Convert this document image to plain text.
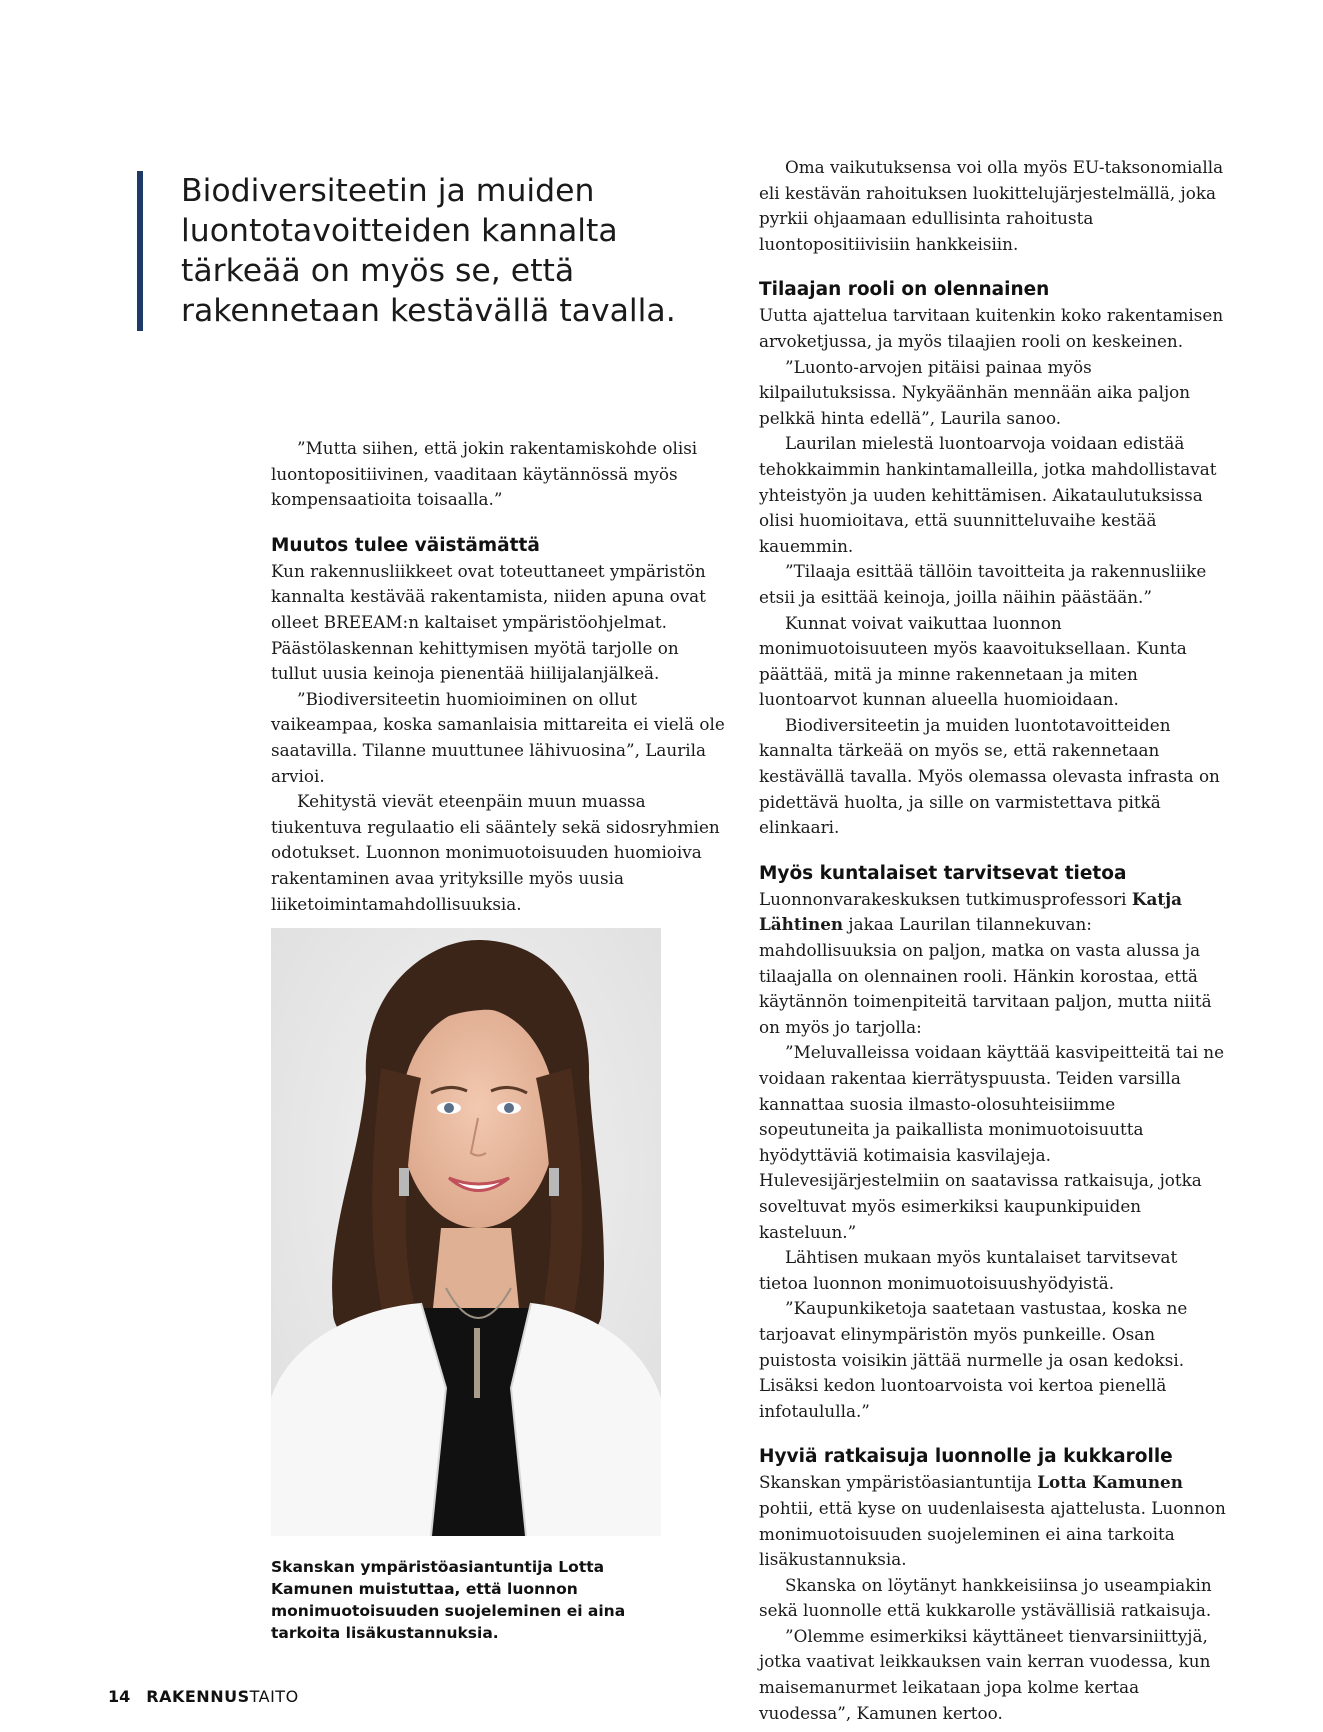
Biodiversiteetin ja muiden luontotavoitteiden kannalta tärkeää on myös se, että rakennetaan kestävällä tavalla.

”Mutta siihen, että jokin rakentamiskohde olisi luontopositiivinen, vaaditaan käytännössä myös kompensaatioita toisaalla.”

Muutos tulee väistämättä

Kun rakennusliikkeet ovat toteuttaneet ympäristön kannalta kestävää rakentamista, niiden apuna ovat olleet BREEAM:n kaltaiset ympäristöohjelmat. Päästölaskennan kehittymisen myötä tarjolle on tullut uusia keinoja pienentää hiilijalanjälkeä.

”Biodiversiteetin huomioiminen on ollut vaikeampaa, koska samanlaisia mittareita ei vielä ole saatavilla. Tilanne muuttunee lähivuosina”, Laurila arvioi.

Kehitystä vievät eteenpäin muun muassa tiukentuva regulaatio eli sääntely sekä sidosryhmien odotukset. Luonnon monimuotoisuuden huomioiva rakentaminen avaa yrityksille myös uusia liiketoimintamahdollisuuksia.

Skanskan ympäristöasiantuntija Lotta Kamunen muistuttaa, että luonnon monimuotoisuuden suojeleminen ei aina tarkoita lisäkustannuksia.

Oma vaikutuksensa voi olla myös EU-taksonomialla eli kestävän rahoituksen luokittelujärjestelmällä, joka pyrkii ohjaamaan edullisinta rahoitusta luontopositiivisiin hankkeisiin.

Tilaajan rooli on olennainen

Uutta ajattelua tarvitaan kuitenkin koko rakentamisen arvoketjussa, ja myös tilaajien rooli on keskeinen.

”Luonto-arvojen pitäisi painaa myös kilpailutuksissa. Nykyäänhän mennään aika paljon pelkkä hinta edellä”, Laurila sanoo.

Laurilan mielestä luontoarvoja voidaan edistää tehokkaimmin hankintamalleilla, jotka mahdollistavat yhteistyön ja uuden kehittämisen. Aikataulutuksissa olisi huomioitava, että suunnitteluvaihe kestää kauemmin.

”Tilaaja esittää tällöin tavoitteita ja rakennusliike etsii ja esittää keinoja, joilla näihin päästään.”

Kunnat voivat vaikuttaa luonnon monimuotoisuuteen myös kaavoituksellaan. Kunta päättää, mitä ja minne rakennetaan ja miten luontoarvot kunnan alueella huomioidaan.

Biodiversiteetin ja muiden luontotavoitteiden kannalta tärkeää on myös se, että rakennetaan kestävällä tavalla. Myös olemassa olevasta infrasta on pidettävä huolta, ja sille on varmistettava pitkä elinkaari.

Myös kuntalaiset tarvitsevat tietoa

Luonnonvarakeskuksen tutkimusprofessori Katja Lähtinen jakaa Laurilan tilannekuvan: mahdollisuuksia on paljon, matka on vasta alussa ja tilaajalla on olennainen rooli. Hänkin korostaa, että käytännön toimenpiteitä tarvitaan paljon, mutta niitä on myös jo tarjolla:

”Meluvalleissa voidaan käyttää kasvipeitteitä tai ne voidaan rakentaa kierrätyspuusta. Teiden varsilla kannattaa suosia ilmasto-olosuhteisiimme sopeutuneita ja paikallista monimuotoisuutta hyödyttäviä kotimaisia kasvilajeja. Hulevesijärjestelmiin on saatavissa ratkaisuja, jotka soveltuvat myös esimerkiksi kaupunkipuiden kasteluun.”

Lähtisen mukaan myös kuntalaiset tarvitsevat tietoa luonnon monimuotoisuushyödyistä.

”Kaupunkiketoja saatetaan vastustaa, koska ne tarjoavat elinympäristön myös punkeille. Osan puistosta voisikin jättää nurmelle ja osan kedoksi. Lisäksi kedon luontoarvoista voi kertoa pienellä infotaululla.”

Hyviä ratkaisuja luonnolle ja kukkarolle

Skanskan ympäristöasiantuntija Lotta Kamunen pohtii, että kyse on uudenlaisesta ajattelusta. Luonnon monimuotoisuuden suojeleminen ei aina tarkoita lisäkustannuksia.

Skanska on löytänyt hankkeisiinsa jo useampiakin sekä luonnolle että kukkarolle ystävällisiä ratkaisuja.

”Olemme esimerkiksi käyttäneet tienvarsiniittyjä, jotka vaativat leikkauksen vain kerran vuodessa, kun maisemanurmet leikataan jopa kolme kertaa vuodessa”, Kamunen kertoo.

14 RAKENNUSTAITO
